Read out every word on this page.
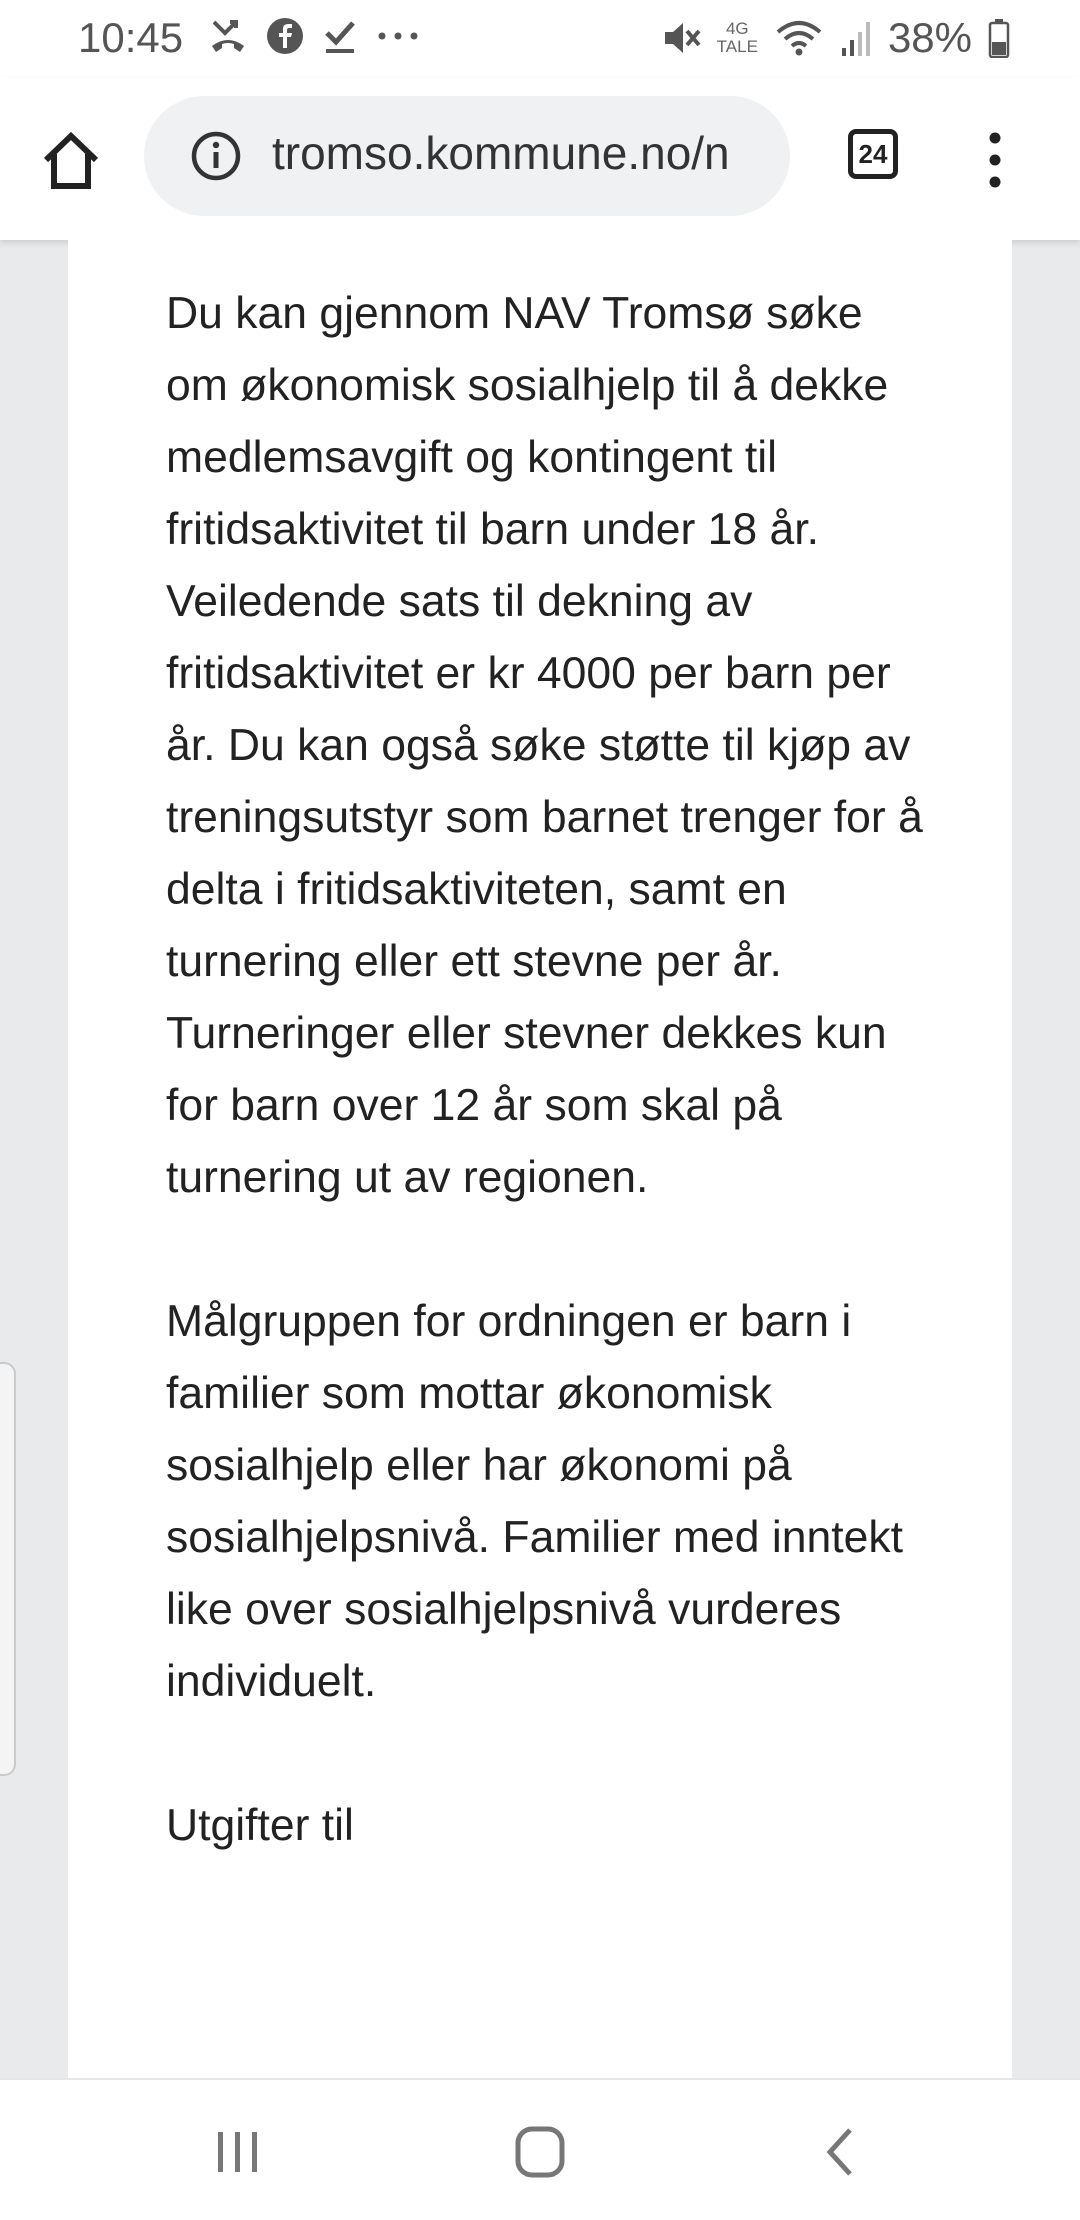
10:45	4G
TALE	38%
tromso.kommune.no/n	24

Du kan gjennom NAV Tromsø søke om økonomisk sosialhjelp til å dekke medlemsavgift og kontingent til fritidsaktivitet til barn under 18 år. Veiledende sats til dekning av fritidsaktivitet er kr 4000 per barn per år. Du kan også søke støtte til kjøp av treningsutstyr som barnet trenger for å delta i fritidsaktiviteten, samt en turnering eller ett stevne per år. Turneringer eller stevner dekkes kun for barn over 12 år som skal på turnering ut av regionen.

Målgruppen for ordningen er barn i familier som mottar økonomisk sosialhjelp eller har økonomi på sosialhjelpsnivå. Familier med inntekt like over sosialhjelpsnivå vurderes individuelt.

Utgifter til
